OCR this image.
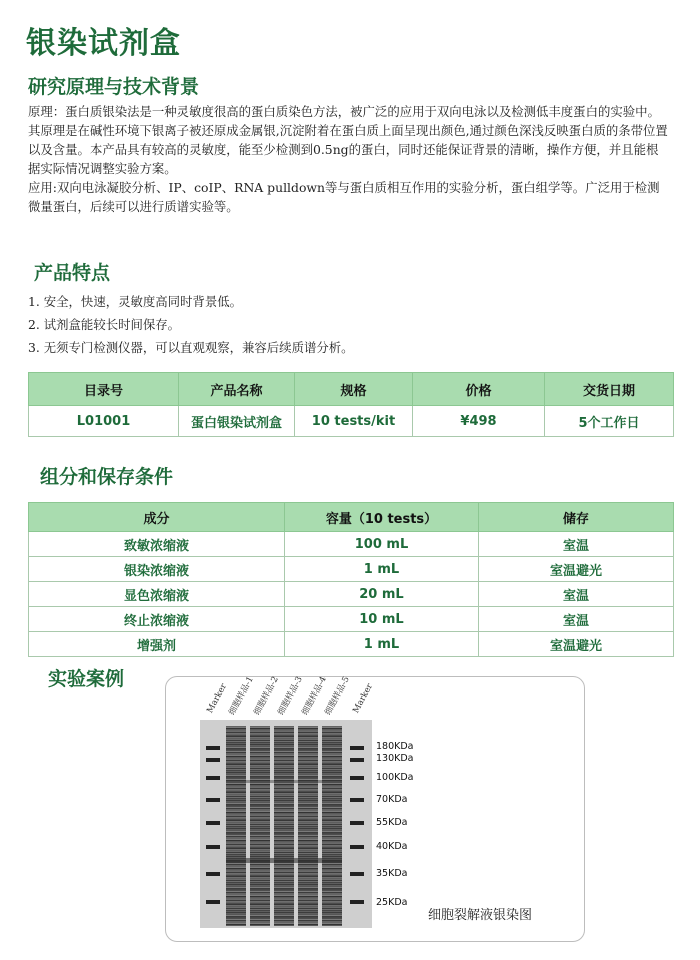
银染试剂盒
研究原理与技术背景

原理：蛋白质银染法是一种灵敏度很高的蛋白质染色方法，被广泛的应用于双向电泳以及检测低丰度蛋白的实验中。其原理是在碱性环境下银离子被还原成金属银,沉淀附着在蛋白质上面呈现出颜色,通过颜色深浅反映蛋白质的条带位置以及含量。本产品具有较高的灵敏度，能至少检测到0.5ng的蛋白，同时还能保证背景的清晰，操作方便，并且能根据实际情况调整实验方案。

应用:双向电泳凝胶分析、IP、coIP、RNA pulldown等与蛋白质相互作用的实验分析，蛋白组学等。广泛用于检测微量蛋白，后续可以进行质谱实验等。

产品特点
1. 安全，快速，灵敏度高同时背景低。
2. 试剂盒能较长时间保存。
3. 无须专门检测仪器，可以直观观察，兼容后续质谱分析。
目录号	产品名称	规格	价格	交货日期
L01001	蛋白银染试剂盒	10 tests/kit	¥498	5个工作日
组分和保存条件
成分	容量（10 tests）	储存
致敏浓缩液	100 mL	室温
银染浓缩液	1 mL	室温避光
显色浓缩液	20 mL	室温
终止浓缩液	10 mL	室温
增强剂	1 mL	室温避光
实验案例
Marker
细胞样品-1
细胞样品-2
细胞样品-3
细胞样品-4
细胞样品-5 Marker
180KDa
130KDa
100KDa
70KDa
55KDa
40KDa
35KDa
25KDa
细胞裂解液银染图
